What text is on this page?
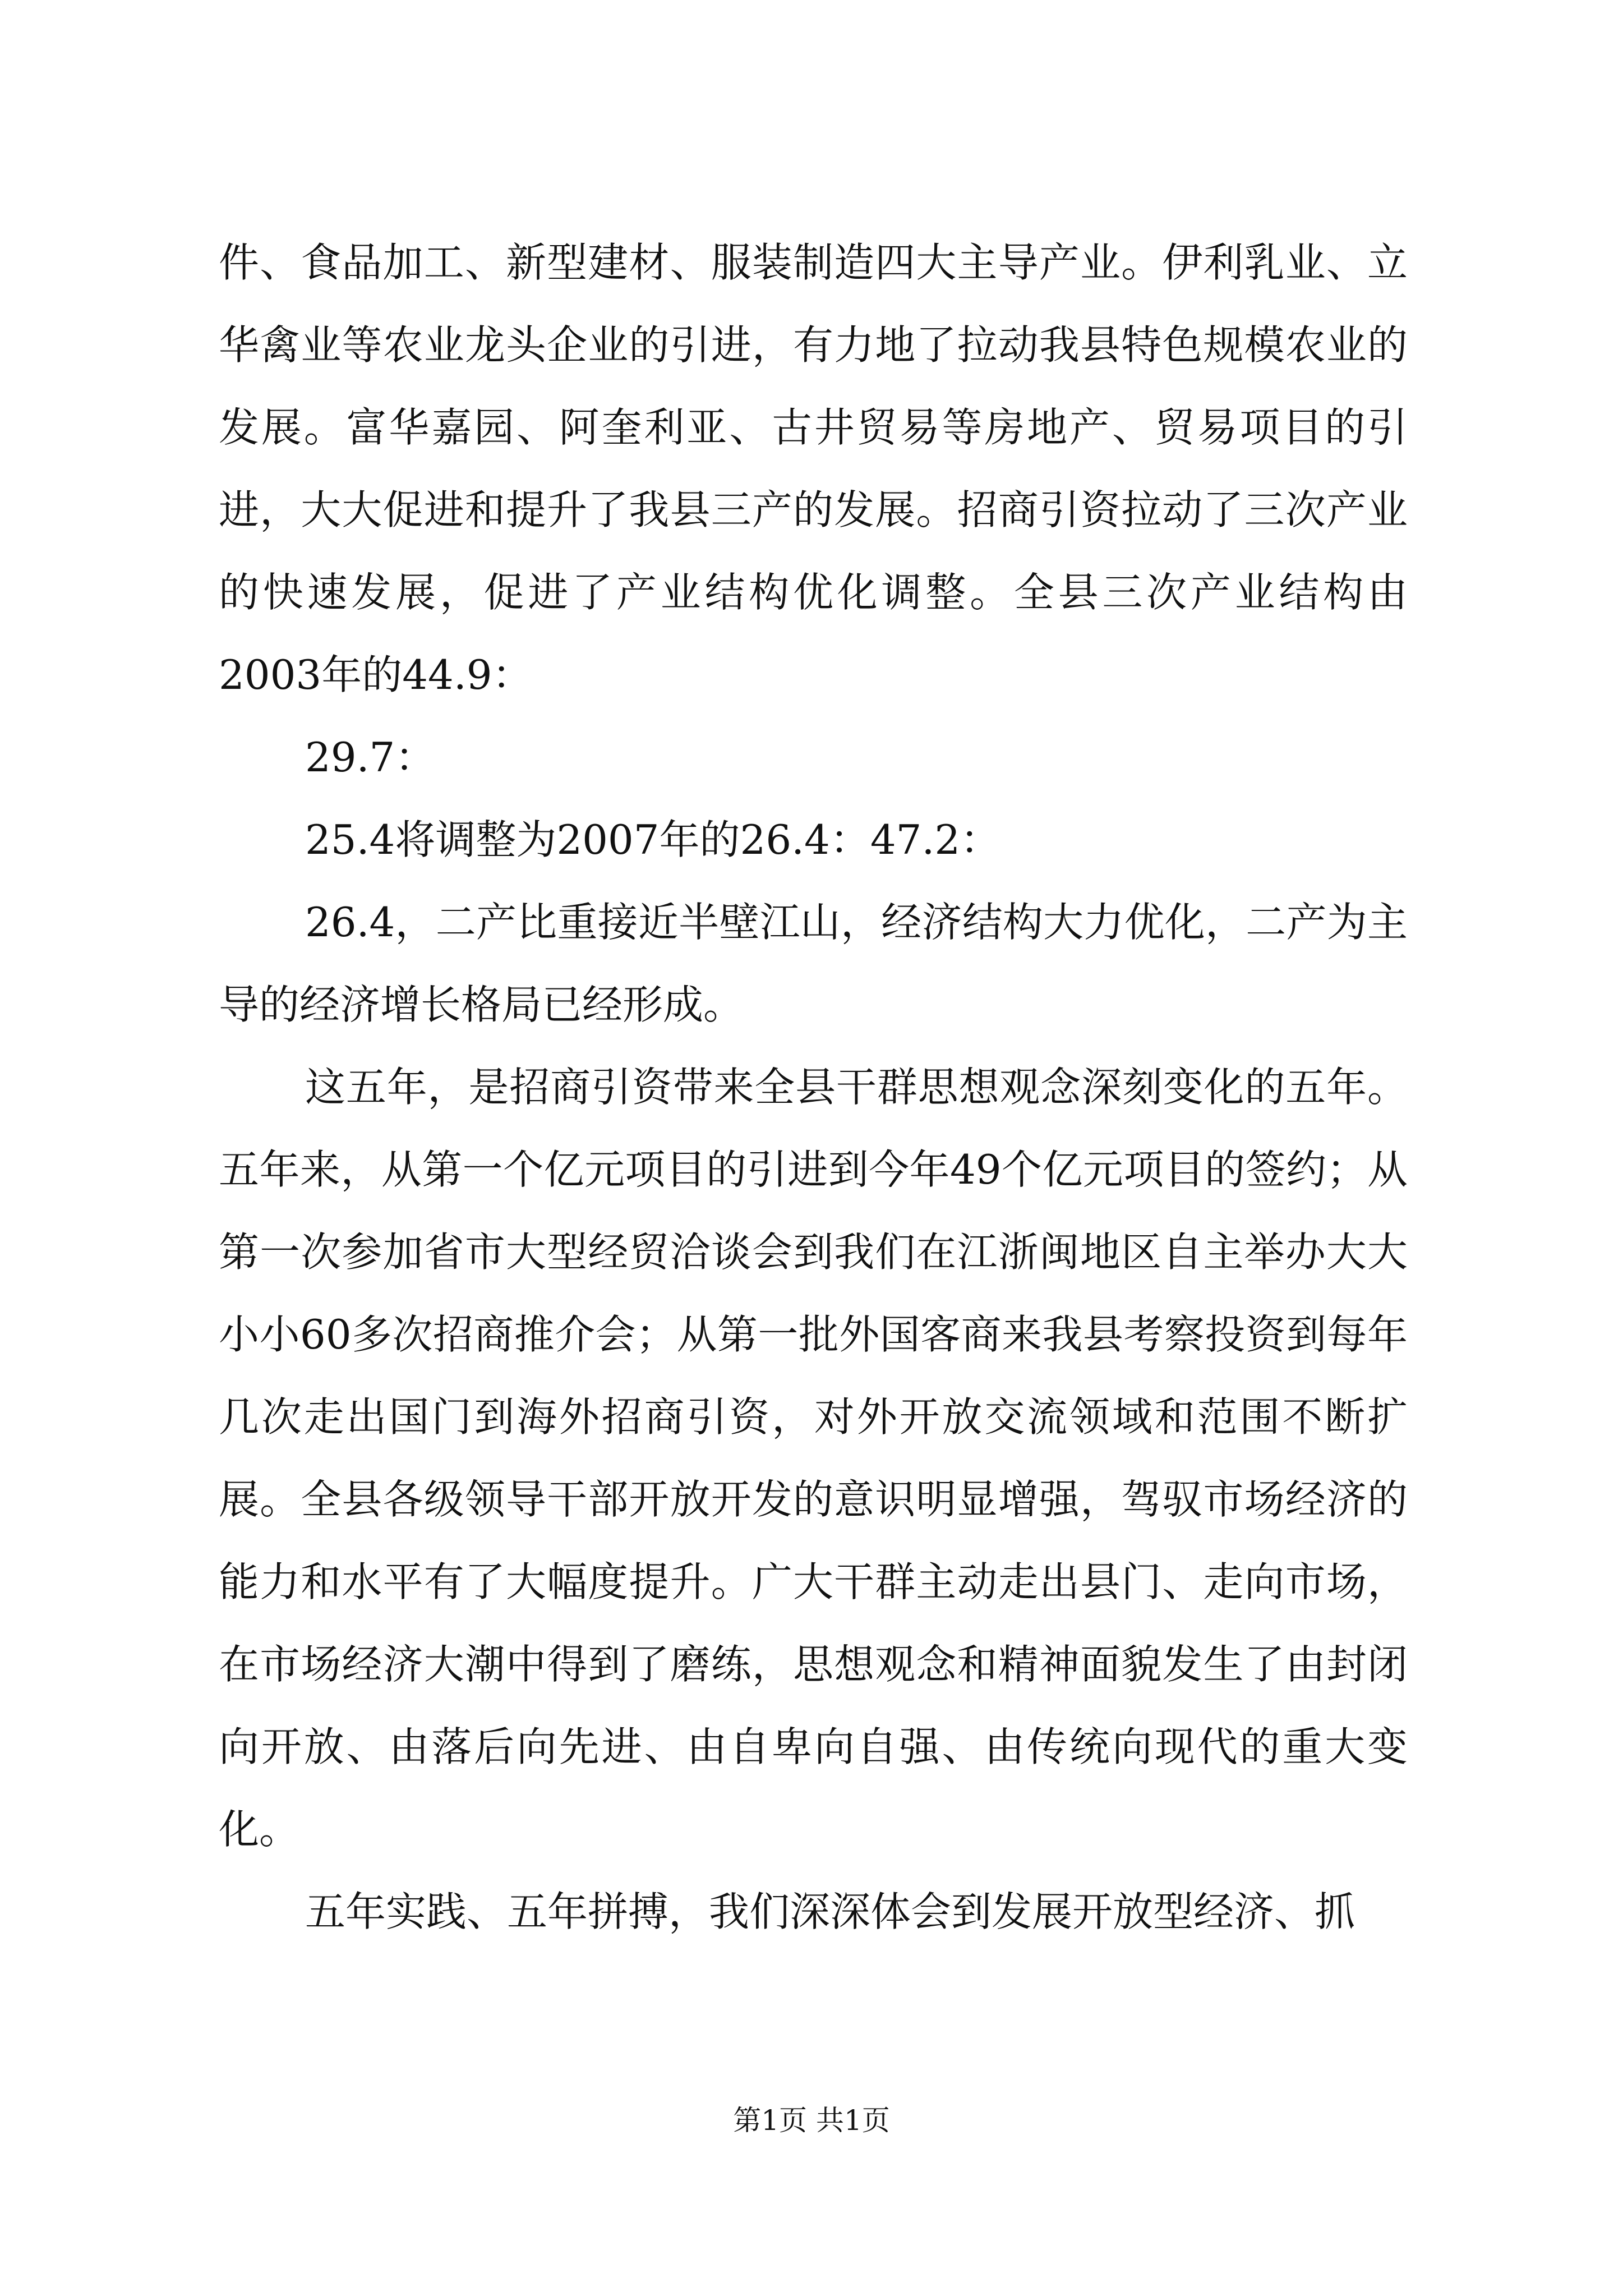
件、食品加工、新型建材、服装制造四大主导产业。伊利乳业、立华禽业等农业龙头企业的引进，有力地了拉动我县特色规模农业的发展。富华嘉园、阿奎利亚、古井贸易等房地产、贸易项目的引进，大大促进和提升了我县三产的发展。招商引资拉动了三次产业的快速发展，促进了产业结构优化调整。全县三次产业结构由2003年的44.9：

29.7：

25.4将调整为2007年的26.4：47.2：

26.4，二产比重接近半壁江山，经济结构大力优化，二产为主导的经济增长格局已经形成。

这五年，是招商引资带来全县干群思想观念深刻变化的五年。五年来，从第一个亿元项目的引进到今年49个亿元项目的签约；从第一次参加省市大型经贸洽谈会到我们在江浙闽地区自主举办大大小小60多次招商推介会；从第一批外国客商来我县考察投资到每年几次走出国门到海外招商引资，对外开放交流领域和范围不断扩展。全县各级领导干部开放开发的意识明显增强，驾驭市场经济的能力和水平有了大幅度提升。广大干群主动走出县门、走向市场，在市场经济大潮中得到了磨练，思想观念和精神面貌发生了由封闭向开放、由落后向先进、由自卑向自强、由传统向现代的重大变化。

五年实践、五年拼搏，我们深深体会到发展开放型经济、抓

第1页 共1页
